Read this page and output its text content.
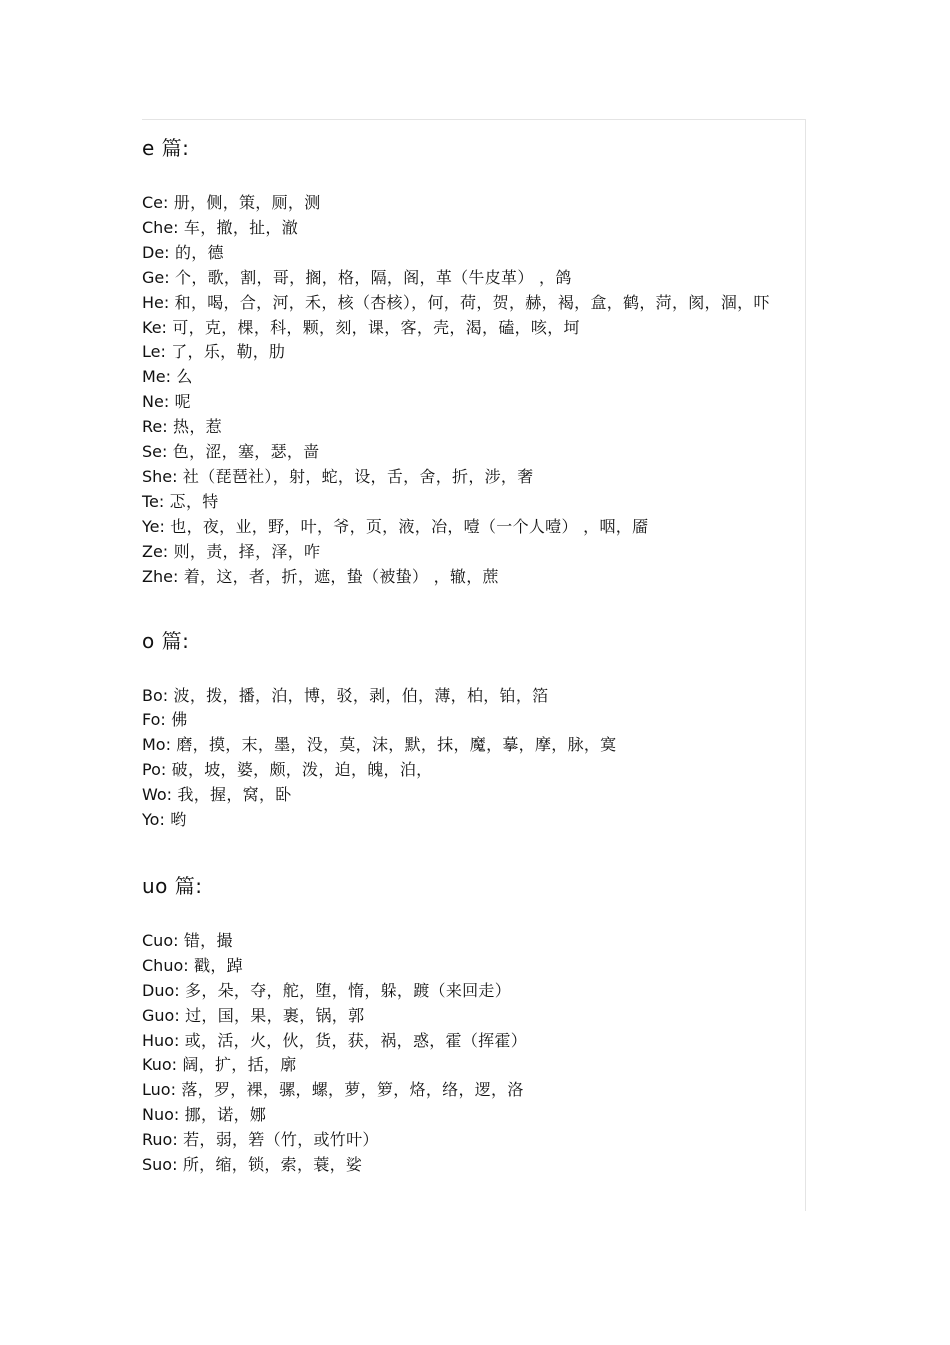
e 篇:
Ce: 册，侧，策，厕，测
Che: 车，撤，扯，澈
De: 的，德
Ge: 个，歌，割，哥，搁，格，隔，阁，革（牛皮革） ，鸽
He: 和，喝，合，河，禾，核（杏核），何，荷，贺，赫，褐，盒，鹤，菏，阂，涸，吓
Ke: 可，克，棵，科，颗，刻，课，客，壳，渴，磕，咳，坷
Le: 了，乐，勒，肋
Me: 么
Ne: 呢
Re: 热，惹
Se: 色，涩，塞，瑟，啬
She: 社（琵琶社），射，蛇，设，舌，舍，折，涉，奢
Te: 忑，特
Ye: 也，夜，业，野，叶，爷，页，液，冶，噎（一个人噎） ，咽，靥
Ze: 则，责，择，泽，咋
Zhe: 着，这，者，折，遮，蛰（被蛰） ，辙，蔗
o 篇:
Bo: 波，拨，播，泊，博，驳，剥，伯，薄，柏，铂，箔
Fo: 佛
Mo: 磨，摸，末，墨，没，莫，沫，默，抹，魔，摹，摩，脉，寞
Po: 破，坡，婆，颇，泼，迫，魄，泊，
Wo: 我，握，窝，卧
Yo: 哟
uo 篇:
Cuo: 错，撮
Chuo: 戳，踔
Duo: 多，朵，夺，舵，堕，惰，躲，踱（来回走）
Guo: 过，国，果，裹，锅，郭
Huo: 或，活，火，伙，货，获，祸，惑，霍（挥霍）
Kuo: 阔，扩，括，廓
Luo: 落，罗，裸，骡，螺，萝，箩，烙，络，逻，洛
Nuo: 挪，诺，娜
Ruo: 若，弱，箬（竹，或竹叶）
Suo: 所，缩，锁，索，蓑，娑
